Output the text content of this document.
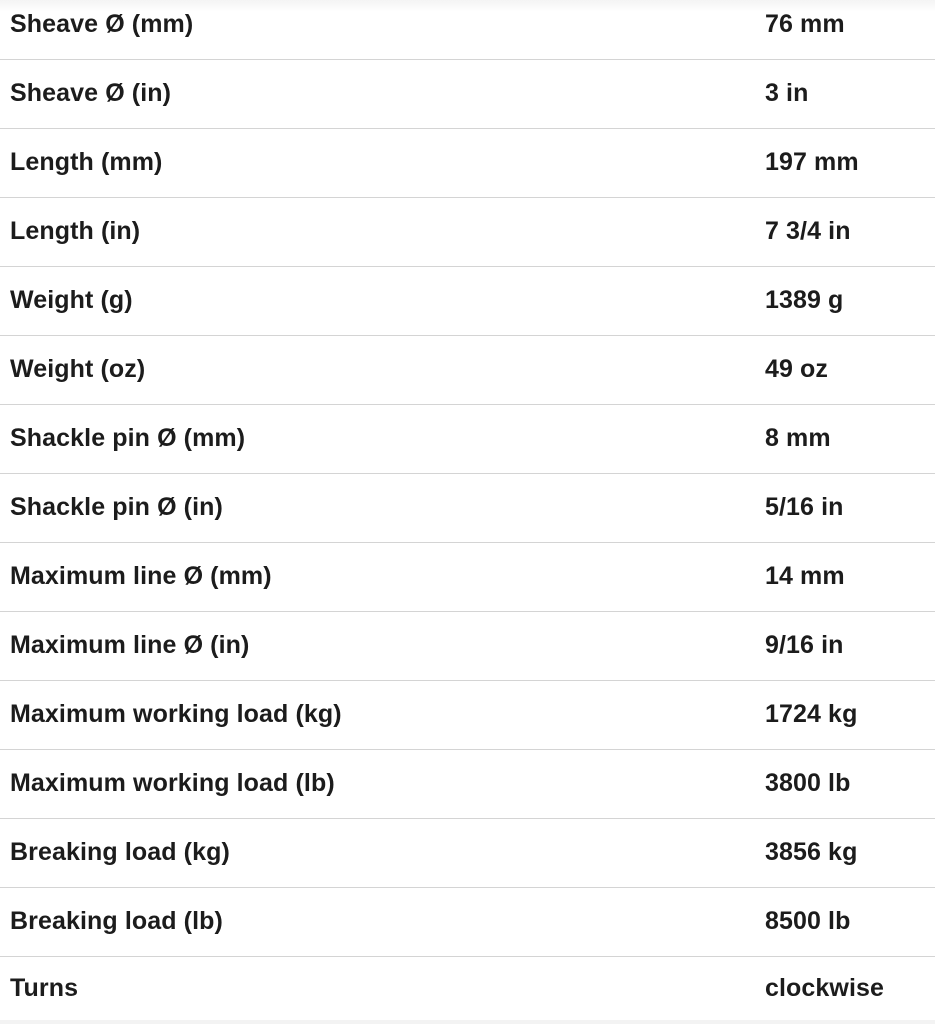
Sheave Ø (mm)	76 mm
Sheave Ø (in)	3 in
Length (mm)	197 mm
Length (in)	7 3/4 in
Weight (g)	1389 g
Weight (oz)	49 oz
Shackle pin Ø (mm)	8 mm
Shackle pin Ø (in)	5/16 in
Maximum line Ø (mm)	14 mm
Maximum line Ø (in)	9/16 in
Maximum working load (kg)	1724 kg
Maximum working load (lb)	3800 lb
Breaking load (kg)	3856 kg
Breaking load (lb)	8500 lb
Turns	clockwise
